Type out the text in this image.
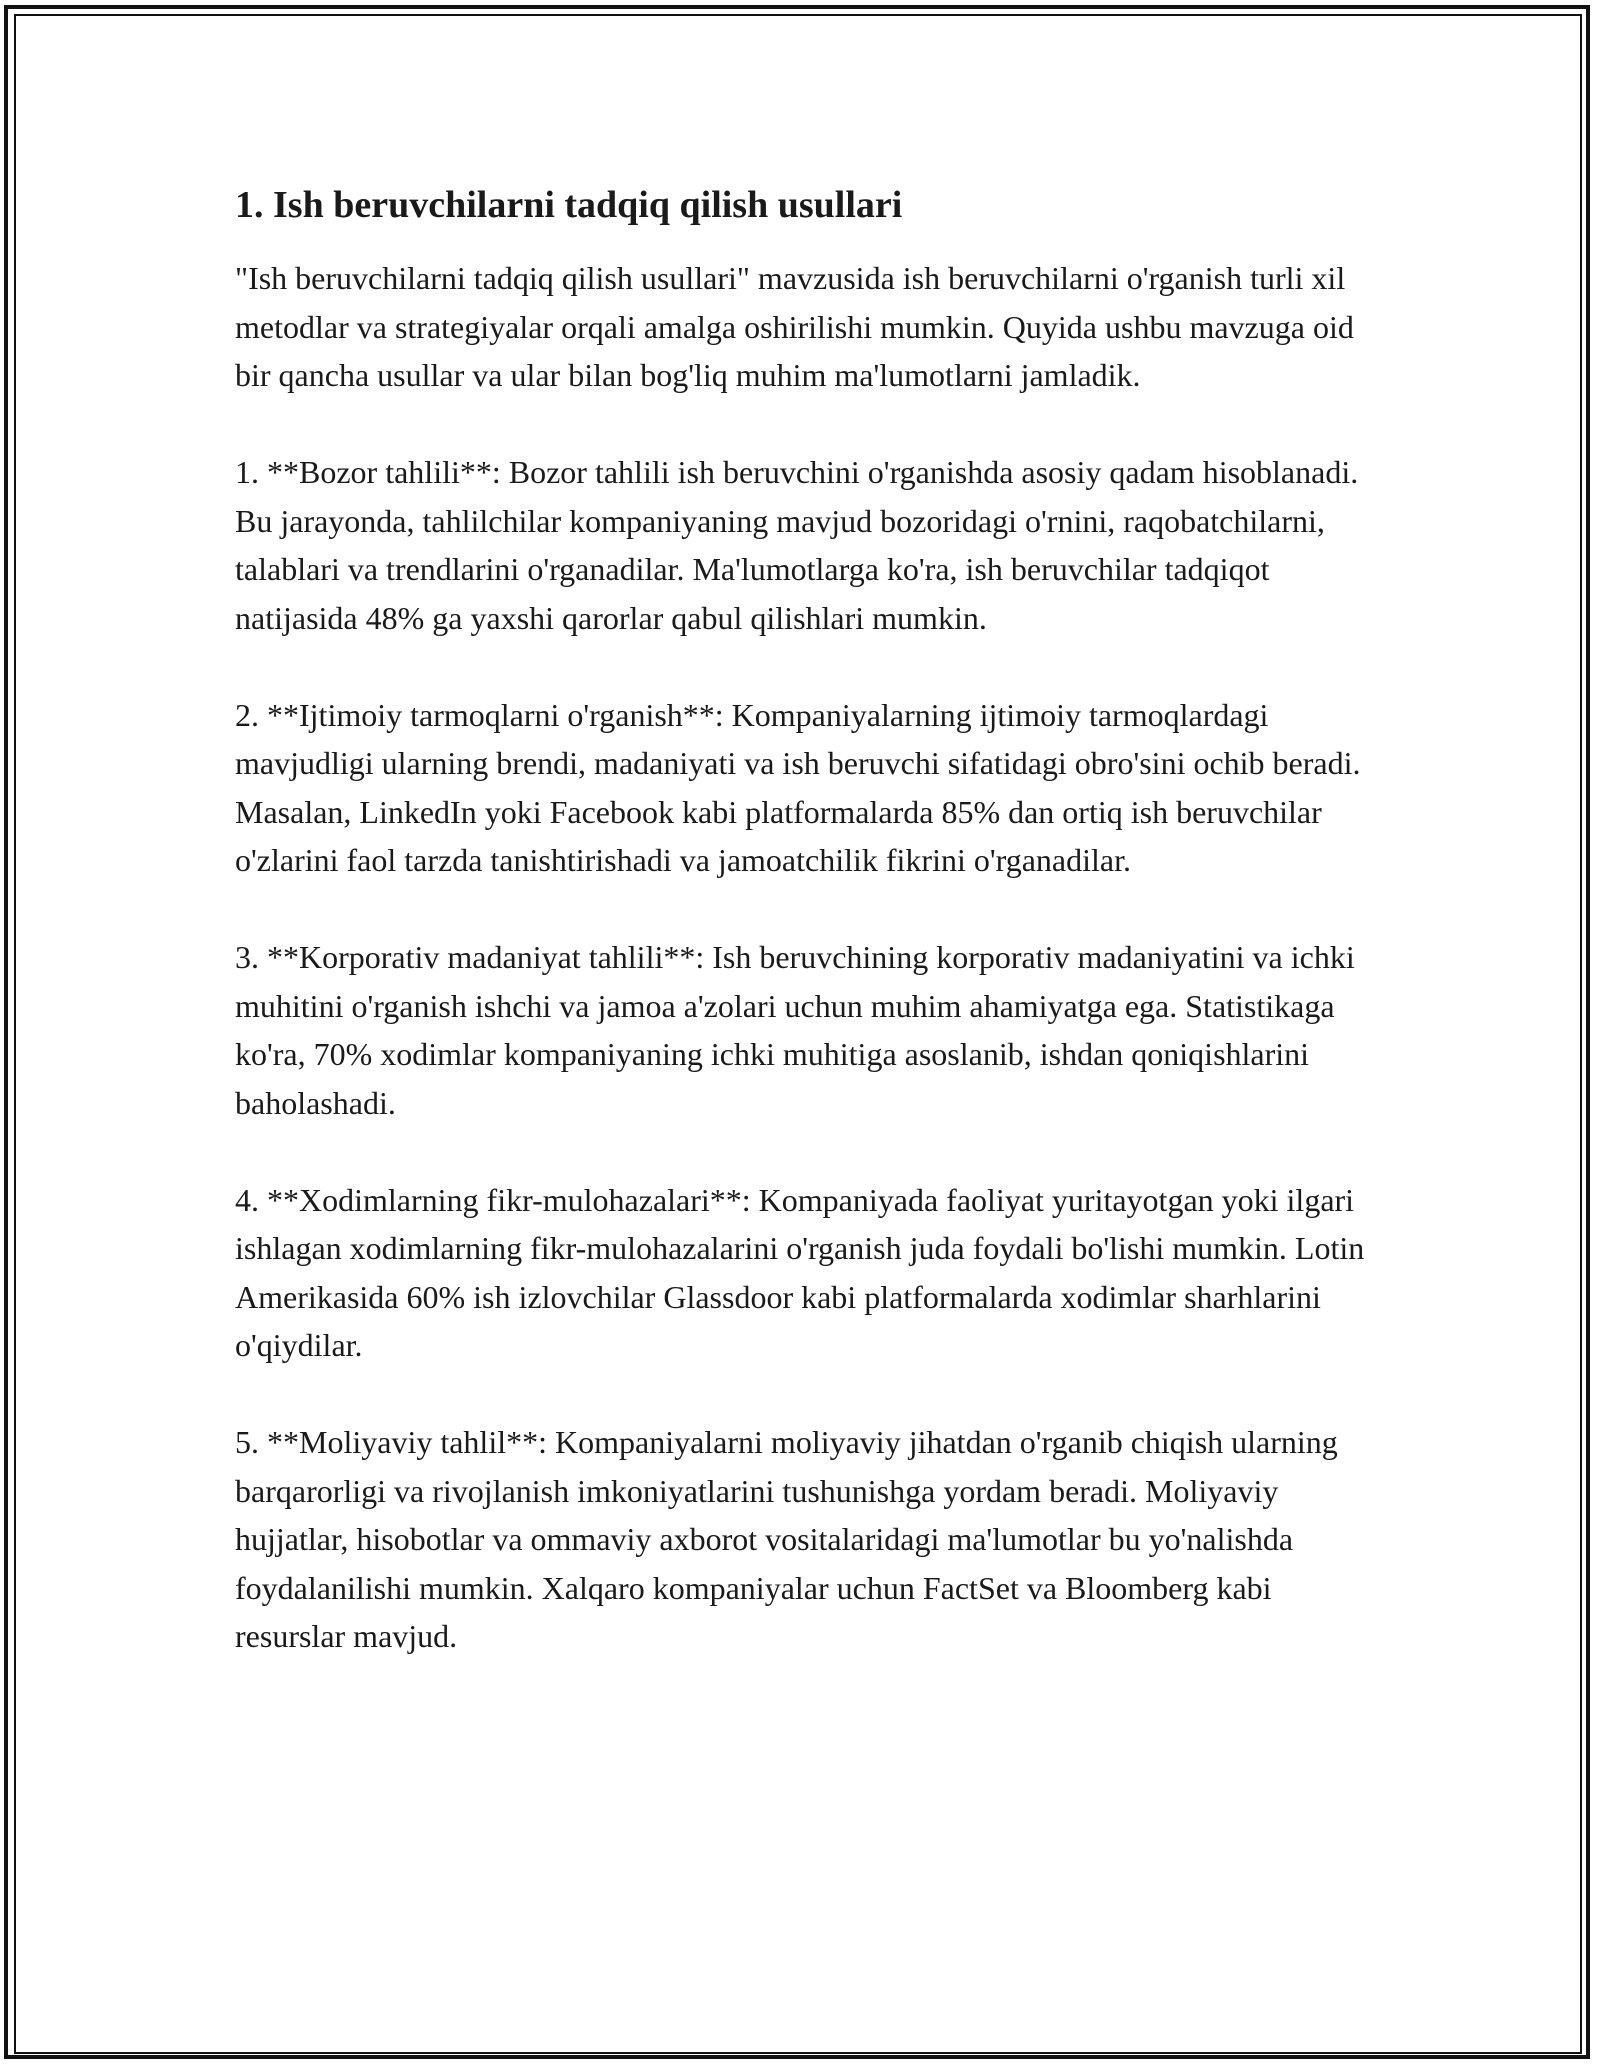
1. Ish beruvchilarni tadqiq qilish usullari

"Ish beruvchilarni tadqiq qilish usullari" mavzusida ish beruvchilarni o'rganish turli xil metodlar va strategiyalar orqali amalga oshirilishi mumkin. Quyida ushbu mavzuga oid bir qancha usullar va ular bilan bog'liq muhim ma'lumotlarni jamladik.

1. **Bozor tahlili**: Bozor tahlili ish beruvchini o'rganishda asosiy qadam hisoblanadi. Bu jarayonda, tahlilchilar kompaniyaning mavjud bozoridagi o'rnini, raqobatchilarni, talablari va trendlarini o'rganadilar. Ma'lumotlarga ko'ra, ish beruvchilar tadqiqot natijasida 48% ga yaxshi qarorlar qabul qilishlari mumkin.

2. **Ijtimoiy tarmoqlarni o'rganish**: Kompaniyalarning ijtimoiy tarmoqlardagi mavjudligi ularning brendi, madaniyati va ish beruvchi sifatidagi obro'sini ochib beradi. Masalan, LinkedIn yoki Facebook kabi platformalarda 85% dan ortiq ish beruvchilar o'zlarini faol tarzda tanishtirishadi va jamoatchilik fikrini o'rganadilar.

3. **Korporativ madaniyat tahlili**: Ish beruvchining korporativ madaniyatini va ichki muhitini o'rganish ishchi va jamoa a'zolari uchun muhim ahamiyatga ega. Statistikaga ko'ra, 70% xodimlar kompaniyaning ichki muhitiga asoslanib, ishdan qoniqishlarini baholashadi.

4. **Xodimlarning fikr-mulohazalari**: Kompaniyada faoliyat yuritayotgan yoki ilgari ishlagan xodimlarning fikr-mulohazalarini o'rganish juda foydali bo'lishi mumkin. Lotin Amerikasida 60% ish izlovchilar Glassdoor kabi platformalarda xodimlar sharhlarini o'qiydilar.

5. **Moliyaviy tahlil**: Kompaniyalarni moliyaviy jihatdan o'rganib chiqish ularning barqarorligi va rivojlanish imkoniyatlarini tushunishga yordam beradi. Moliyaviy hujjatlar, hisobotlar va ommaviy axborot vositalaridagi ma'lumotlar bu yo'nalishda foydalanilishi mumkin. Xalqaro kompaniyalar uchun FactSet va Bloomberg kabi resurslar mavjud.
